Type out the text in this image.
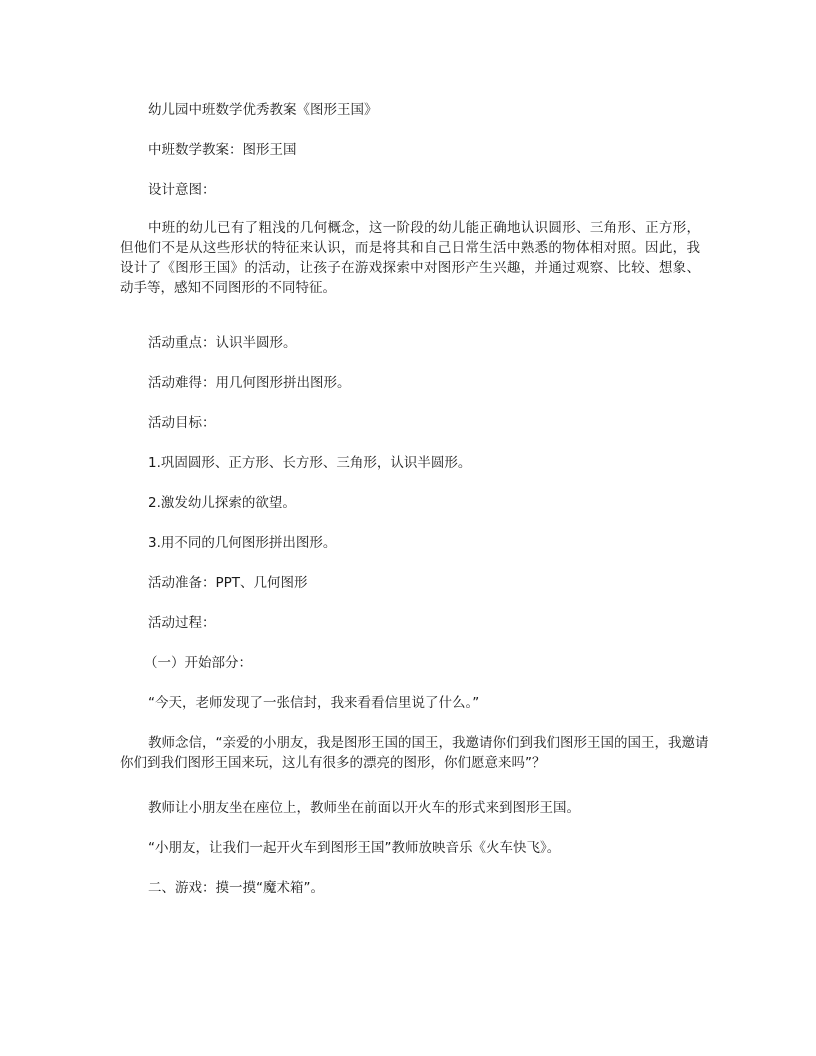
幼儿园中班数学优秀教案《图形王国》
中班数学教案：图形王国
设计意图：
中班的幼儿已有了粗浅的几何概念，这一阶段的幼儿能正确地认识圆形、三角形、正方形，但他们不是从这些形状的特征来认识，而是将其和自己日常生活中熟悉的物体相对照。因此，我设计了《图形王国》的活动，让孩子在游戏探索中对图形产生兴趣，并通过观察、比较、想象、动手等，感知不同图形的不同特征。
活动重点：认识半圆形。
活动难得：用几何图形拼出图形。
活动目标：
1.巩固圆形、正方形、长方形、三角形，认识半圆形。
2.激发幼儿探索的欲望。
3.用不同的几何图形拼出图形。
活动准备：PPT、几何图形
活动过程：
（一）开始部分：
“今天，老师发现了一张信封，我来看看信里说了什么。”
教师念信，“亲爱的小朋友，我是图形王国的国王，我邀请你们到我们图形王国的国王，我邀请你们到我们图形王国来玩，这儿有很多的漂亮的图形，你们愿意来吗”？
教师让小朋友坐在座位上，教师坐在前面以开火车的形式来到图形王国。
“小朋友，让我们一起开火车到图形王国”教师放映音乐《火车快飞》。
二、游戏：摸一摸“魔术箱”。
